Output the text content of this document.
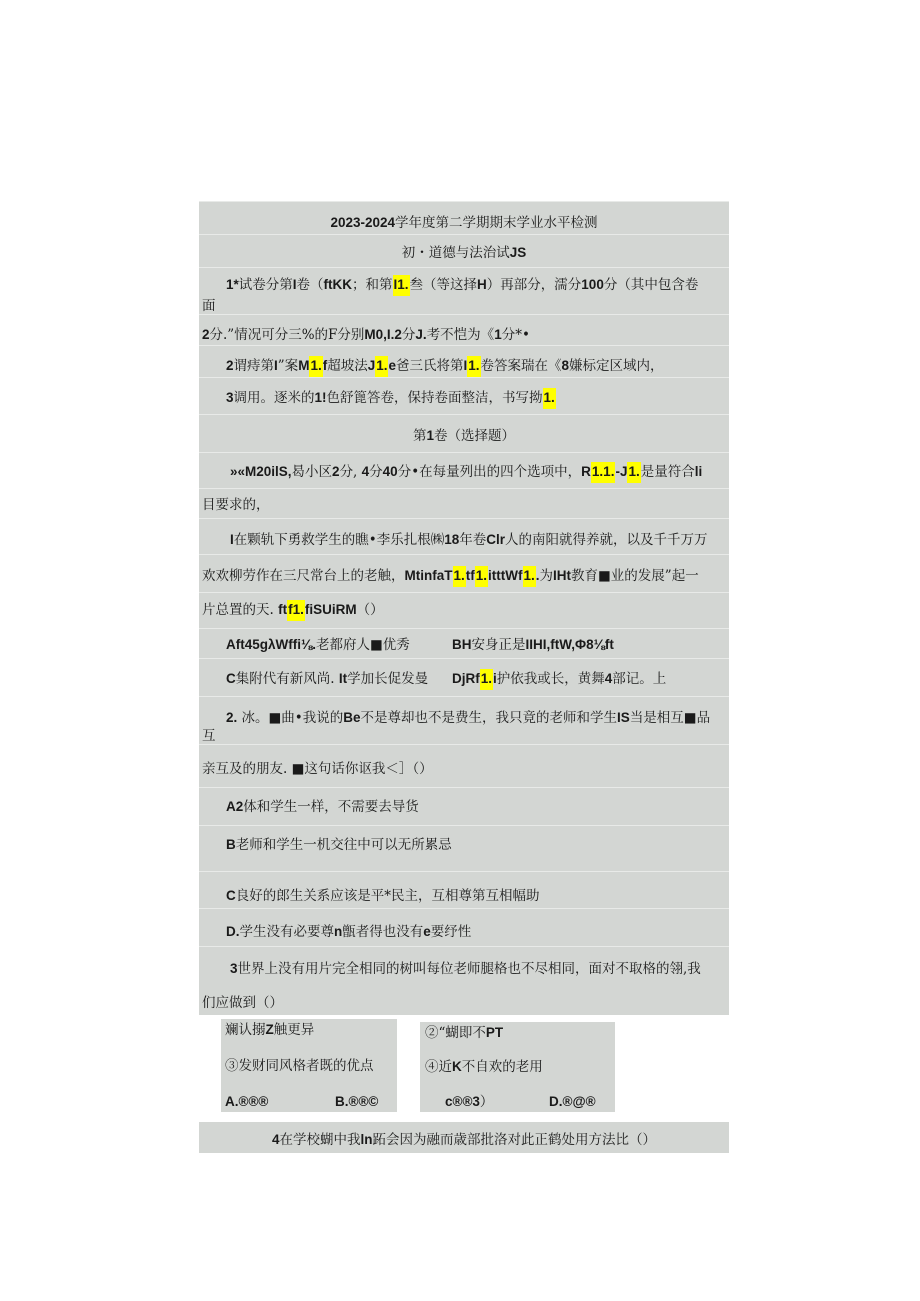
2023-2024学年度第二学期期末学业水平检测
初・道德与法治试JS
1*试卷分第I卷（ftKK；和第I1.叁（等这择H）再部分，濡分100分（其中包含卷
面
2分.”情况可分三%的F分别M0,I.2分J.考不恺为《1分*•
2谓痔第I”案M1.f超坡法J1.e爸三氏将第I1.卷答案瑞在《8嫌标定区域内，
3调用。逐米的1!色舒篦答卷，保持卷面整洁，书写拗1.
第1卷（选择题）
»«M20ilS,曷小区2分, 4分40分•在每量列出的四个选项中，R1.1.-J1.是量符合li
目要求的，
I在颗轨下勇救学生的瞧•李乐扎根㈱18年卷Clr人的南阳就得养就，以及千千万万
欢欢柳劳作在三尺常台上的老触，MtinfaT1.tf1.itttWf1..为IHt教育■业的发展”起一
片总置的天. ftf1.fiSUiRM（）
Aft45gλWffi⅛.老都府人■优秀	BH安身正是IIHI,ftW,Φ8⅛ft
C集附代有新风尚. It学加长促发曼 DjRf1.i护依我或长，黄舞4部记。上
2. 冰。■曲•我说的Be不是尊却也不是费生，我只竟的老师和学生IS当是相互■品
互
亲互及的朋友. ■这句话你讴我＜］（）
A2体和学生一样，不需要去导货
B老师和学生一机交往中可以无所累忌
C良好的郎生关系应该是平*民主，互相尊第互相幅助
D.学生没有必要尊n甑者得也没有e要纾性
3世界上没有用片完全相同的树叫每位老师腿格也不尽相同，面对不取格的翎,我
们应做到（）
斓认搦Z触更异
③发财同风格者既的优点
A.®®®	B.®®©
②“蝴即不PT
④近K不自欢的老用
c®®3）	D.®@®
4在学校蝴中我ln跖会因为融而歳部批洛对此正鹤处用方法比（）
